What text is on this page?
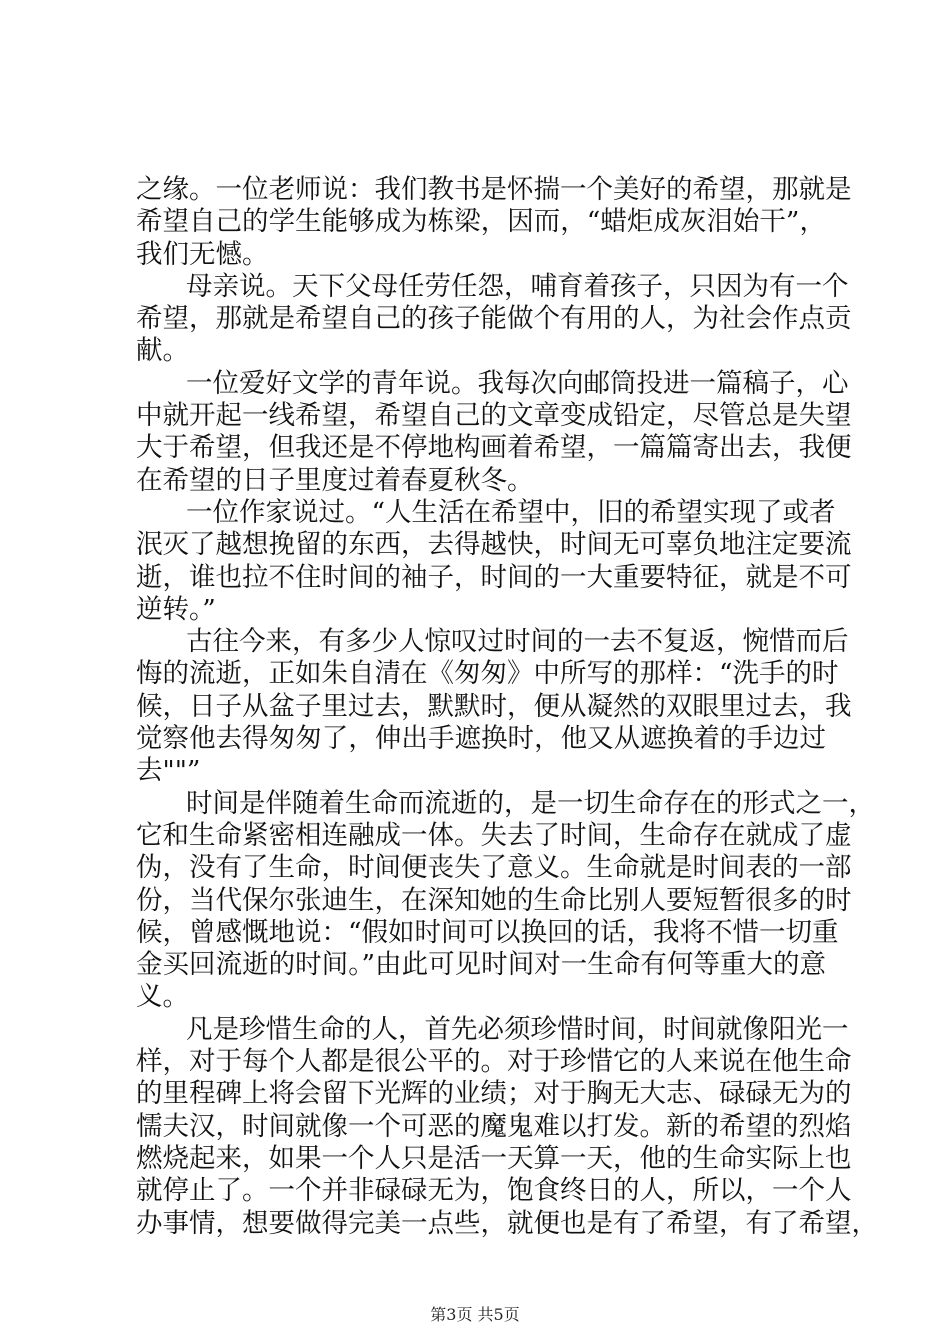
之缘。一位老师说：我们教书是怀揣一个美好的希望，那就是
希望自己的学生能够成为栋梁，因而，“蜡炬成灰泪始干”，
我们无憾。
母亲说。天下父母任劳任怨，哺育着孩子，只因为有一个
希望，那就是希望自己的孩子能做个有用的人，为社会作点贡
献。
一位爱好文学的青年说。我每次向邮筒投进一篇稿子，心
中就开起一线希望，希望自己的文章变成铅定，尽管总是失望
大于希望，但我还是不停地构画着希望，一篇篇寄出去，我便
在希望的日子里度过着春夏秋冬。
一位作家说过。“人生活在希望中，旧的希望实现了或者
泯灭了越想挽留的东西，去得越快，时间无可辜负地注定要流
逝，谁也拉不住时间的袖子，时间的一大重要特征，就是不可
逆转。”
古往今来，有多少人惊叹过时间的一去不复返，惋惜而后
悔的流逝，正如朱自清在《匆匆》中所写的那样：“洗手的时
候，日子从盆子里过去，默默时，便从凝然的双眼里过去，我
觉察他去得匆匆了，伸出手遮换时，他又从遮换着的手边过
去""”
时间是伴随着生命而流逝的，是一切生命存在的形式之一，
它和生命紧密相连融成一体。失去了时间，生命存在就成了虚
伪，没有了生命，时间便丧失了意义。生命就是时间表的一部
份，当代保尔张迪生，在深知她的生命比别人要短暂很多的时
候，曾感慨地说：“假如时间可以换回的话，我将不惜一切重
金买回流逝的时间。”由此可见时间对一生命有何等重大的意
义。
凡是珍惜生命的人，首先必须珍惜时间，时间就像阳光一
样，对于每个人都是很公平的。对于珍惜它的人来说在他生命
的里程碑上将会留下光辉的业绩；对于胸无大志、碌碌无为的
懦夫汉，时间就像一个可恶的魔鬼难以打发。新的希望的烈焰
燃烧起来，如果一个人只是活一天算一天，他的生命实际上也
就停止了。一个并非碌碌无为，饱食终日的人，所以，一个人
办事情，想要做得完美一点些，就便也是有了希望，有了希望，
第3页 共5页
